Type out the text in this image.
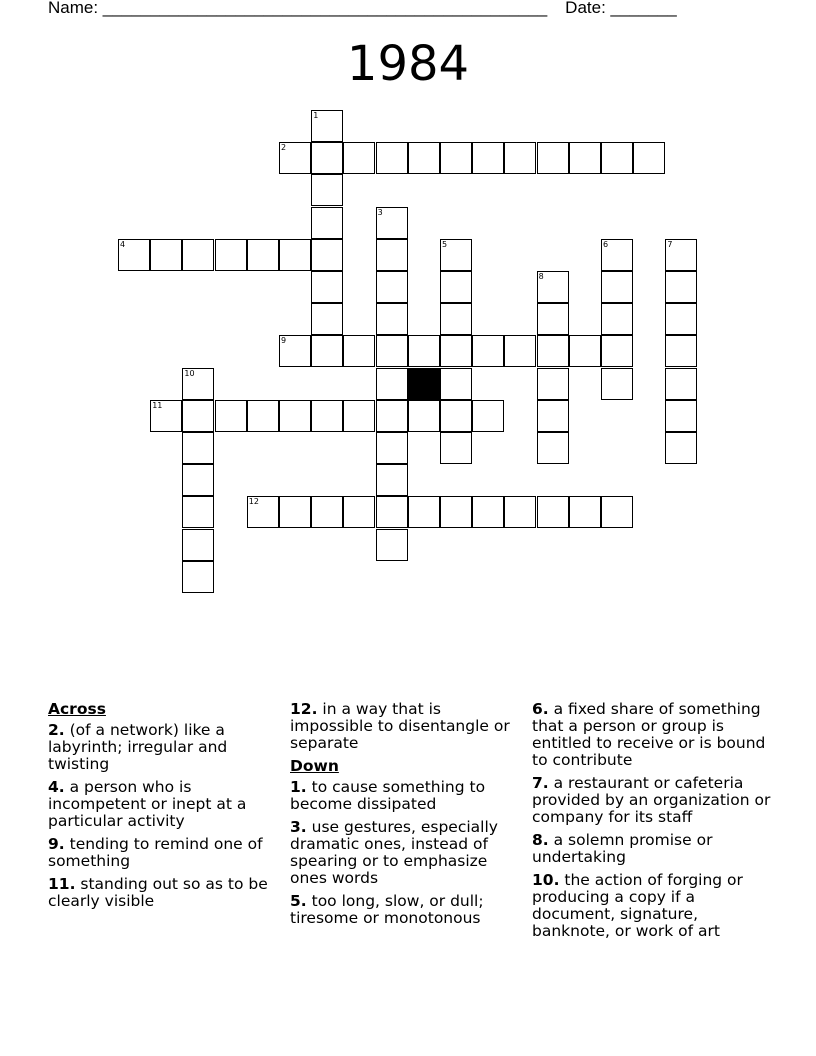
Name: _______________________________________________ Date: _______
1984
1
2
3
4	5	6	7
8
9
10
11
12
Across
2. (of a network) like a labyrinth; irregular and twisting
4. a person who is incompetent or inept at a particular activity
9. tending to remind one of something
11. standing out so as to be clearly visible
12. in a way that is impossible to disentangle or separate
Down
1. to cause something to become dissipated
3. use gestures, especially dramatic ones, instead of spearing or to emphasize ones words
5. too long, slow, or dull; tiresome or monotonous
6. a fixed share of something that a person or group is entitled to receive or is bound to contribute
7. a restaurant or cafeteria provided by an organization or company for its staff
8. a solemn promise or undertaking
10. the action of forging or producing a copy if a document, signature, banknote, or work of art
